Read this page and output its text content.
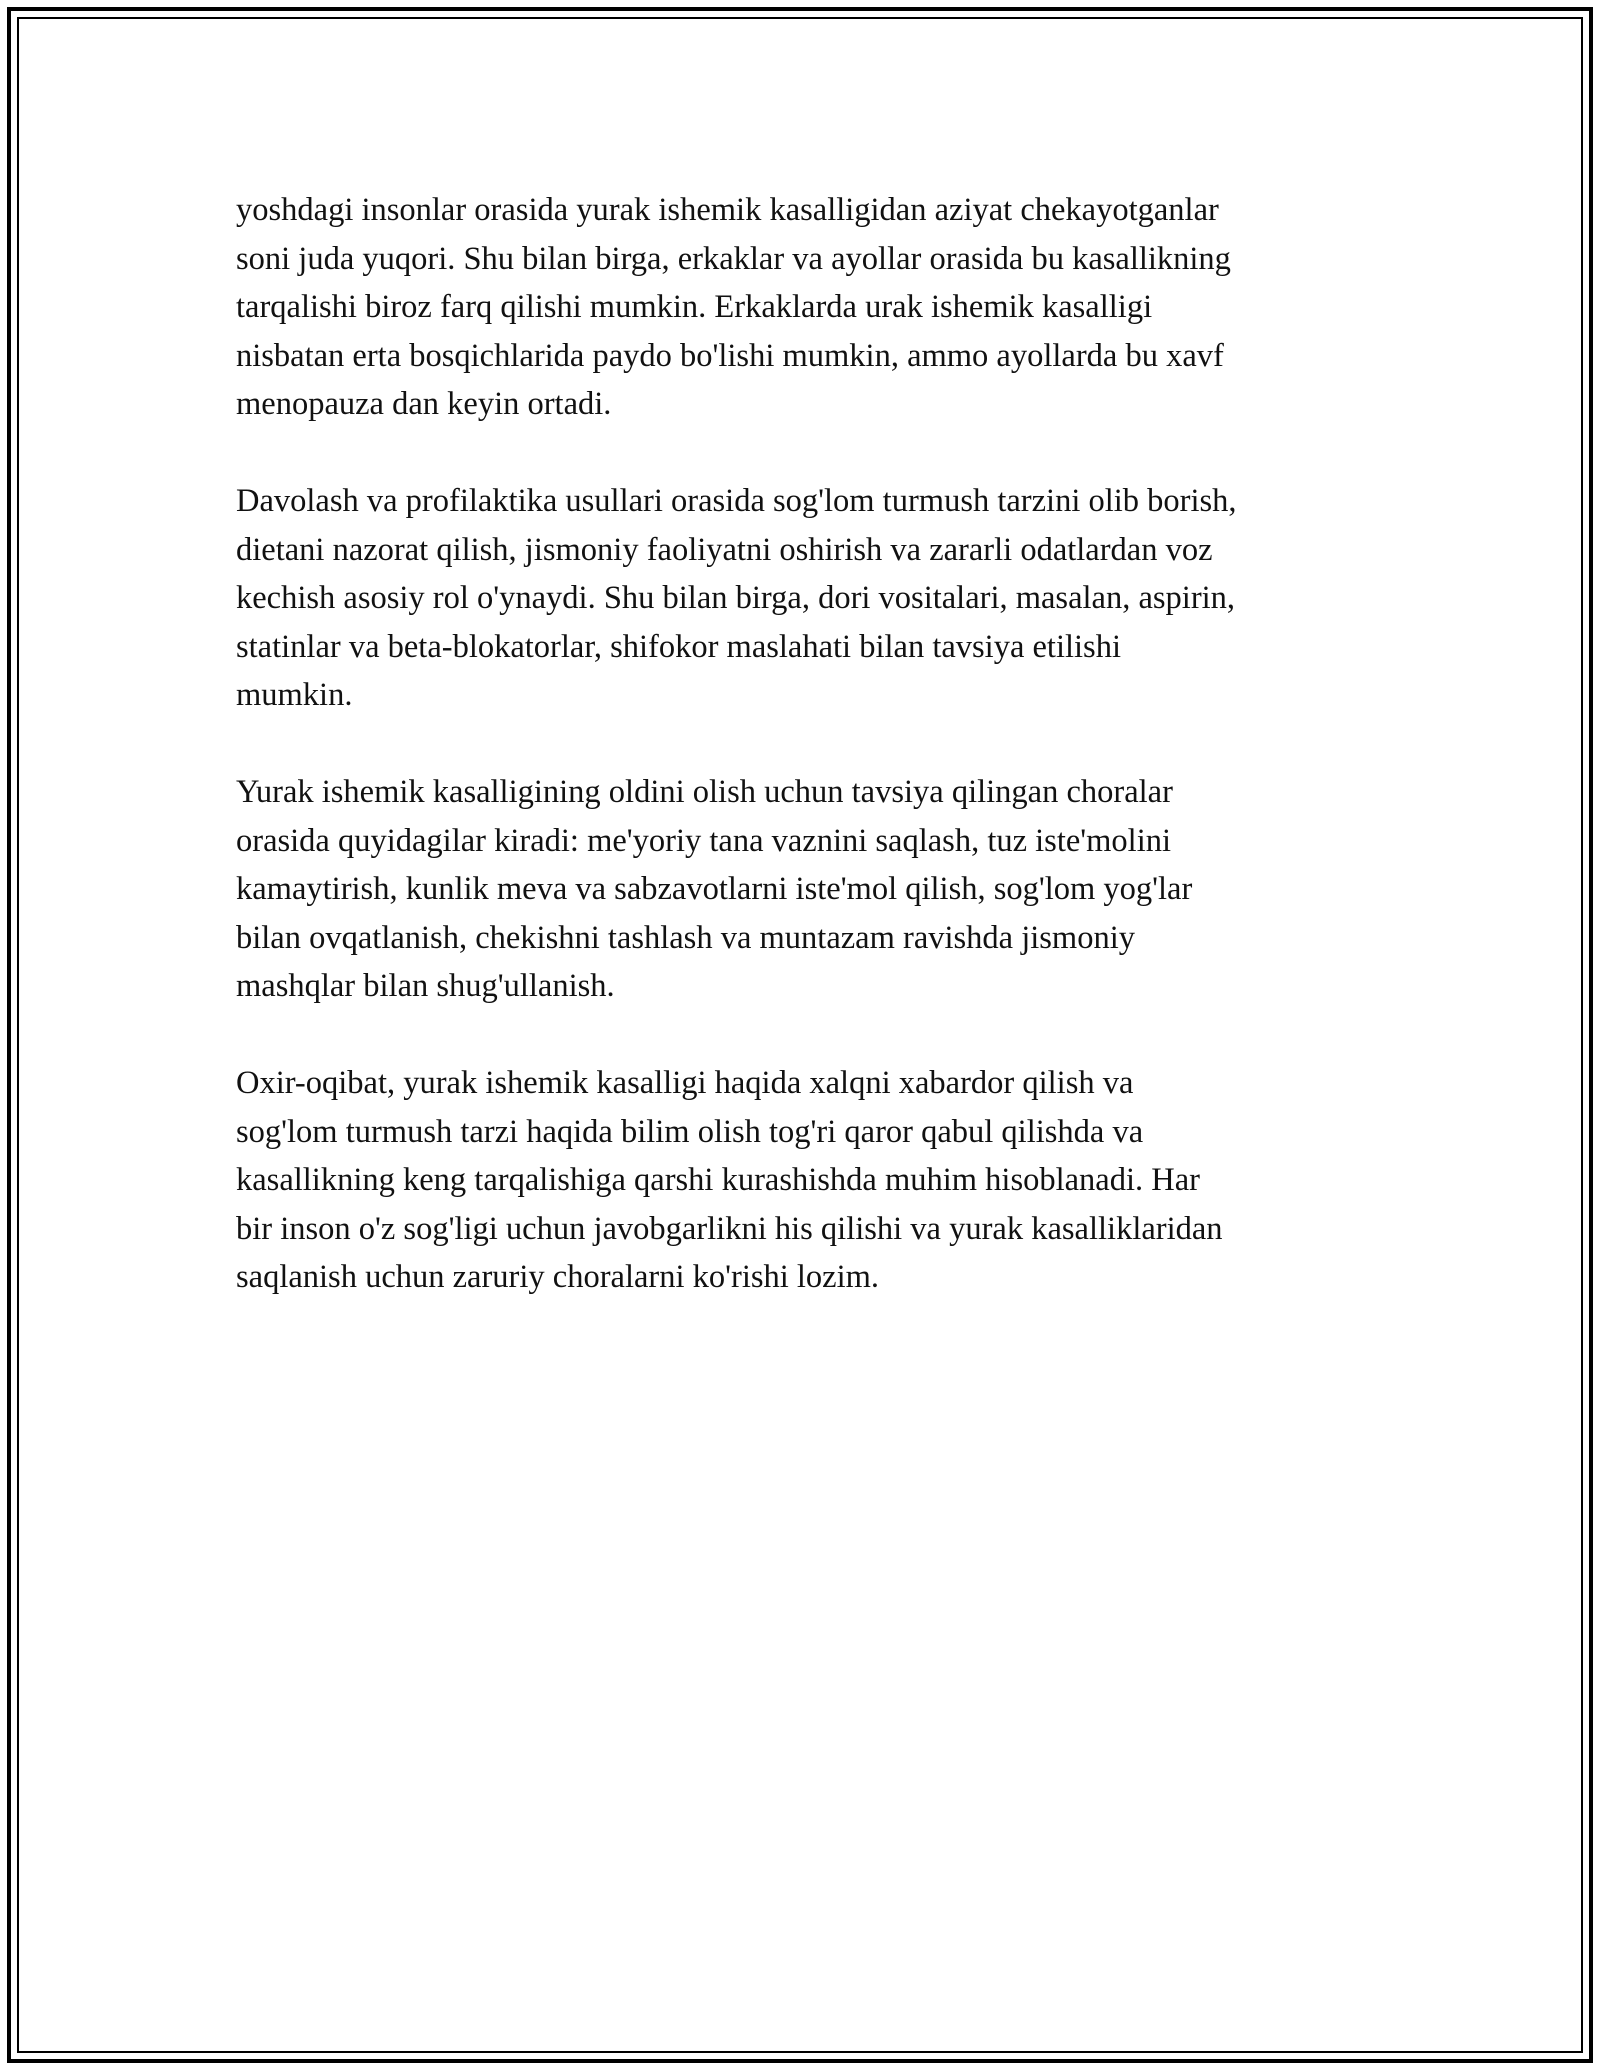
yoshdagi insonlar orasida yurak ishemik kasalligidan aziyat chekayotganlar
soni juda yuqori. Shu bilan birga, erkaklar va ayollar orasida bu kasallikning
tarqalishi biroz farq qilishi mumkin. Erkaklarda urak ishemik kasalligi
nisbatan erta bosqichlarida paydo bo'lishi mumkin, ammo ayollarda bu xavf
menopauza dan keyin ortadi.

Davolash va profilaktika usullari orasida sog'lom turmush tarzini olib borish,
dietani nazorat qilish, jismoniy faoliyatni oshirish va zararli odatlardan voz
kechish asosiy rol o'ynaydi. Shu bilan birga, dori vositalari, masalan, aspirin,
statinlar va beta-blokatorlar, shifokor maslahati bilan tavsiya etilishi
mumkin.

Yurak ishemik kasalligining oldini olish uchun tavsiya qilingan choralar
orasida quyidagilar kiradi: me'yoriy tana vaznini saqlash, tuz iste'molini
kamaytirish, kunlik meva va sabzavotlarni iste'mol qilish, sog'lom yog'lar
bilan ovqatlanish, chekishni tashlash va muntazam ravishda jismoniy
mashqlar bilan shug'ullanish.

Oxir-oqibat, yurak ishemik kasalligi haqida xalqni xabardor qilish va
sog'lom turmush tarzi haqida bilim olish tog'ri qaror qabul qilishda va
kasallikning keng tarqalishiga qarshi kurashishda muhim hisoblanadi. Har
bir inson o'z sog'ligi uchun javobgarlikni his qilishi va yurak kasalliklaridan
saqlanish uchun zaruriy choralarni ko'rishi lozim.
